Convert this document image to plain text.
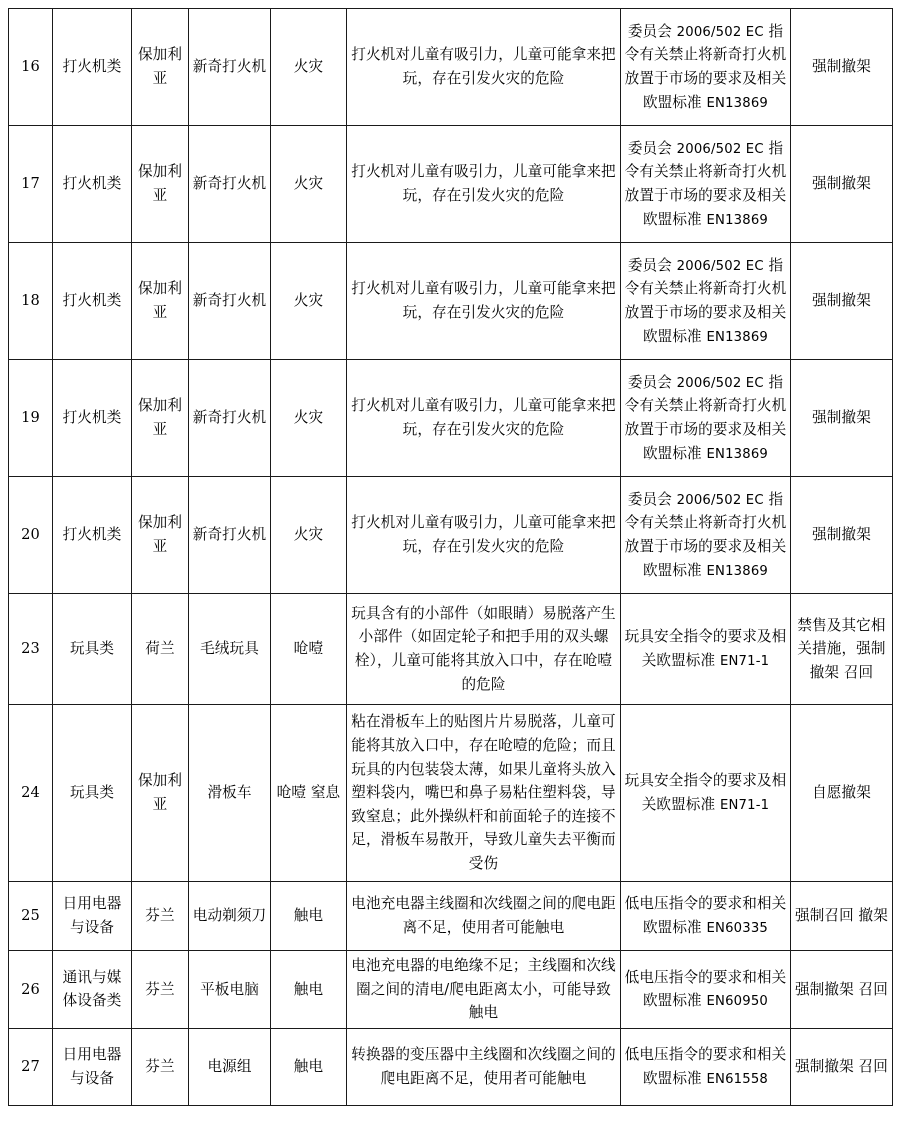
16	打火机类	保加利亚	新奇打火机	火灾	打火机对儿童有吸引力，儿童可能拿来把玩，存在引发火灾的危险	委员会 2006/502 EC 指令有关禁止将新奇打火机放置于市场的要求及相关欧盟标准 EN13869	强制撤架
17	打火机类	保加利亚	新奇打火机	火灾	打火机对儿童有吸引力，儿童可能拿来把玩，存在引发火灾的危险	委员会 2006/502 EC 指令有关禁止将新奇打火机放置于市场的要求及相关欧盟标准 EN13869	强制撤架
18	打火机类	保加利亚	新奇打火机	火灾	打火机对儿童有吸引力，儿童可能拿来把玩，存在引发火灾的危险	委员会 2006/502 EC 指令有关禁止将新奇打火机放置于市场的要求及相关欧盟标准 EN13869	强制撤架
19	打火机类	保加利亚	新奇打火机	火灾	打火机对儿童有吸引力，儿童可能拿来把玩，存在引发火灾的危险	委员会 2006/502 EC 指令有关禁止将新奇打火机放置于市场的要求及相关欧盟标准 EN13869	强制撤架
20	打火机类	保加利亚	新奇打火机	火灾	打火机对儿童有吸引力，儿童可能拿来把玩，存在引发火灾的危险	委员会 2006/502 EC 指令有关禁止将新奇打火机放置于市场的要求及相关欧盟标准 EN13869	强制撤架
23	玩具类	荷兰	毛绒玩具	呛噎	玩具含有的小部件（如眼睛）易脱落产生小部件（如固定轮子和把手用的双头螺栓），儿童可能将其放入口中，存在呛噎的危险	玩具安全指令的要求及相关欧盟标准 EN71-1	禁售及其它相关措施，强制撤架 召回
24	玩具类	保加利亚	滑板车	呛噎 窒息	粘在滑板车上的贴图片片易脱落，儿童可能将其放入口中，存在呛噎的危险；而且玩具的内包装袋太薄，如果儿童将头放入塑料袋内，嘴巴和鼻子易粘住塑料袋，导致窒息；此外操纵杆和前面轮子的连接不足，滑板车易散开，导致儿童失去平衡而受伤	玩具安全指令的要求及相关欧盟标准 EN71-1	自愿撤架
25	日用电器与设备	芬兰	电动剃须刀	触电	电池充电器主线圈和次线圈之间的爬电距离不足，使用者可能触电	低电压指令的要求和相关欧盟标准 EN60335	强制召回 撤架
26	通讯与媒体设备类	芬兰	平板电脑	触电	电池充电器的电绝缘不足；主线圈和次线圈之间的清电/爬电距离太小，可能导致触电	低电压指令的要求和相关欧盟标准 EN60950	强制撤架 召回
27	日用电器与设备	芬兰	电源组	触电	转换器的变压器中主线圈和次线圈之间的爬电距离不足，使用者可能触电	低电压指令的要求和相关欧盟标准 EN61558	强制撤架 召回
